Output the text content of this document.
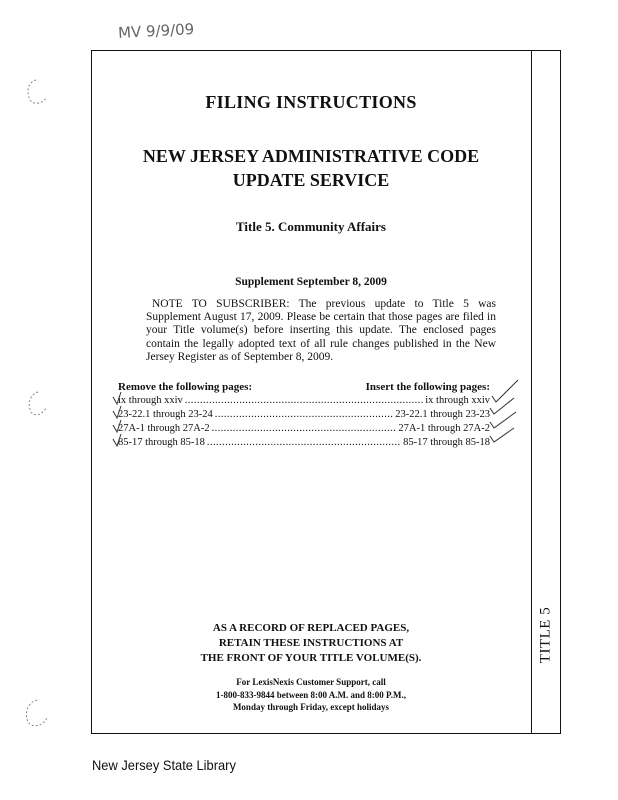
MV 9/9/09
FILING INSTRUCTIONS
NEW JERSEY ADMINISTRATIVE CODE
UPDATE SERVICE
Title 5. Community Affairs
Supplement September 8, 2009
NOTE TO SUBSCRIBER: The previous update to Title 5 was Supplement August 17, 2009. Please be certain that those pages are filed in your Title volume(s) before inserting this update. The enclosed pages contain the legally adopted text of all rule changes published in the New Jersey Register as of September 8, 2009.
Remove the following pages:	Insert the following pages:
ix through xxiv .....	ix through xxiv
23-22.1 through 23-24 .....	23-22.1 through 23-23
27A-1 through 27A-2 .....	27A-1 through 27A-2
85-17 through 85-18 .....	85-17 through 85-18
AS A RECORD OF REPLACED PAGES,
RETAIN THESE INSTRUCTIONS AT
THE FRONT OF YOUR TITLE VOLUME(S).
For LexisNexis Customer Support, call
1-800-833-9844 between 8:00 A.M. and 8:00 P.M.,
Monday through Friday, except holidays
TITLE 5
New Jersey State Library
